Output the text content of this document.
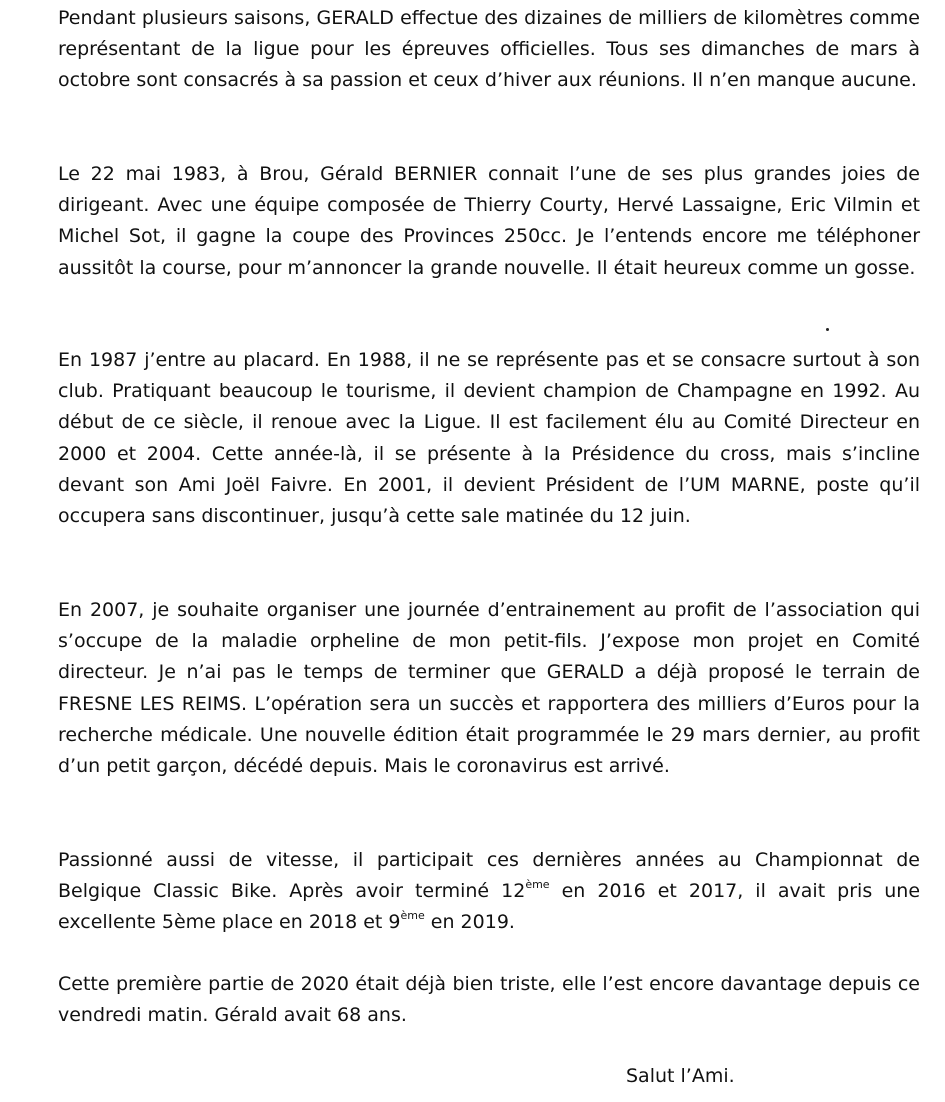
Pendant plusieurs saisons, GERALD effectue des dizaines de milliers de kilomètres comme représentant de la ligue pour les épreuves officielles. Tous ses dimanches de mars à octobre sont consacrés à sa passion et ceux d’hiver aux réunions. Il n’en manque aucune.

Le 22 mai 1983, à Brou, Gérald BERNIER connait l’une de ses plus grandes joies de dirigeant. Avec une équipe composée de Thierry Courty, Hervé Lassaigne, Eric Vilmin et Michel Sot, il gagne la coupe des Provinces 250cc. Je l’entends encore me téléphoner aussitôt la course, pour m’annoncer la grande nouvelle. Il était heureux comme un gosse.

En 1987 j’entre au placard. En 1988, il ne se représente pas et se consacre surtout à son club. Pratiquant beaucoup le tourisme, il devient champion de Champagne en 1992. Au début de ce siècle, il renoue avec la Ligue. Il est facilement élu au Comité Directeur en 2000 et 2004. Cette année-là, il se présente à la Présidence du cross, mais s’incline devant son Ami Joël Faivre. En 2001, il devient Président de l’UM MARNE, poste qu’il occupera sans discontinuer, jusqu’à cette sale matinée du 12 juin.

En 2007, je souhaite organiser une journée d’entrainement au profit de l’association qui s’occupe de la maladie orpheline de mon petit-fils. J’expose mon projet en Comité directeur. Je n’ai pas le temps de terminer que GERALD a déjà proposé le terrain de FRESNE LES REIMS. L’opération sera un succès et rapportera des milliers d’Euros pour la recherche médicale. Une nouvelle édition était programmée le 29 mars dernier, au profit d’un petit garçon, décédé depuis. Mais le coronavirus est arrivé.

Passionné aussi de vitesse, il participait ces dernières années au Championnat de Belgique Classic Bike. Après avoir terminé 12ème en 2016 et 2017, il avait pris une excellente 5ème place en 2018 et 9ème en 2019.

Cette première partie de 2020 était déjà bien triste, elle l’est encore davantage depuis ce vendredi matin. Gérald avait 68 ans.

Salut l’Ami.
